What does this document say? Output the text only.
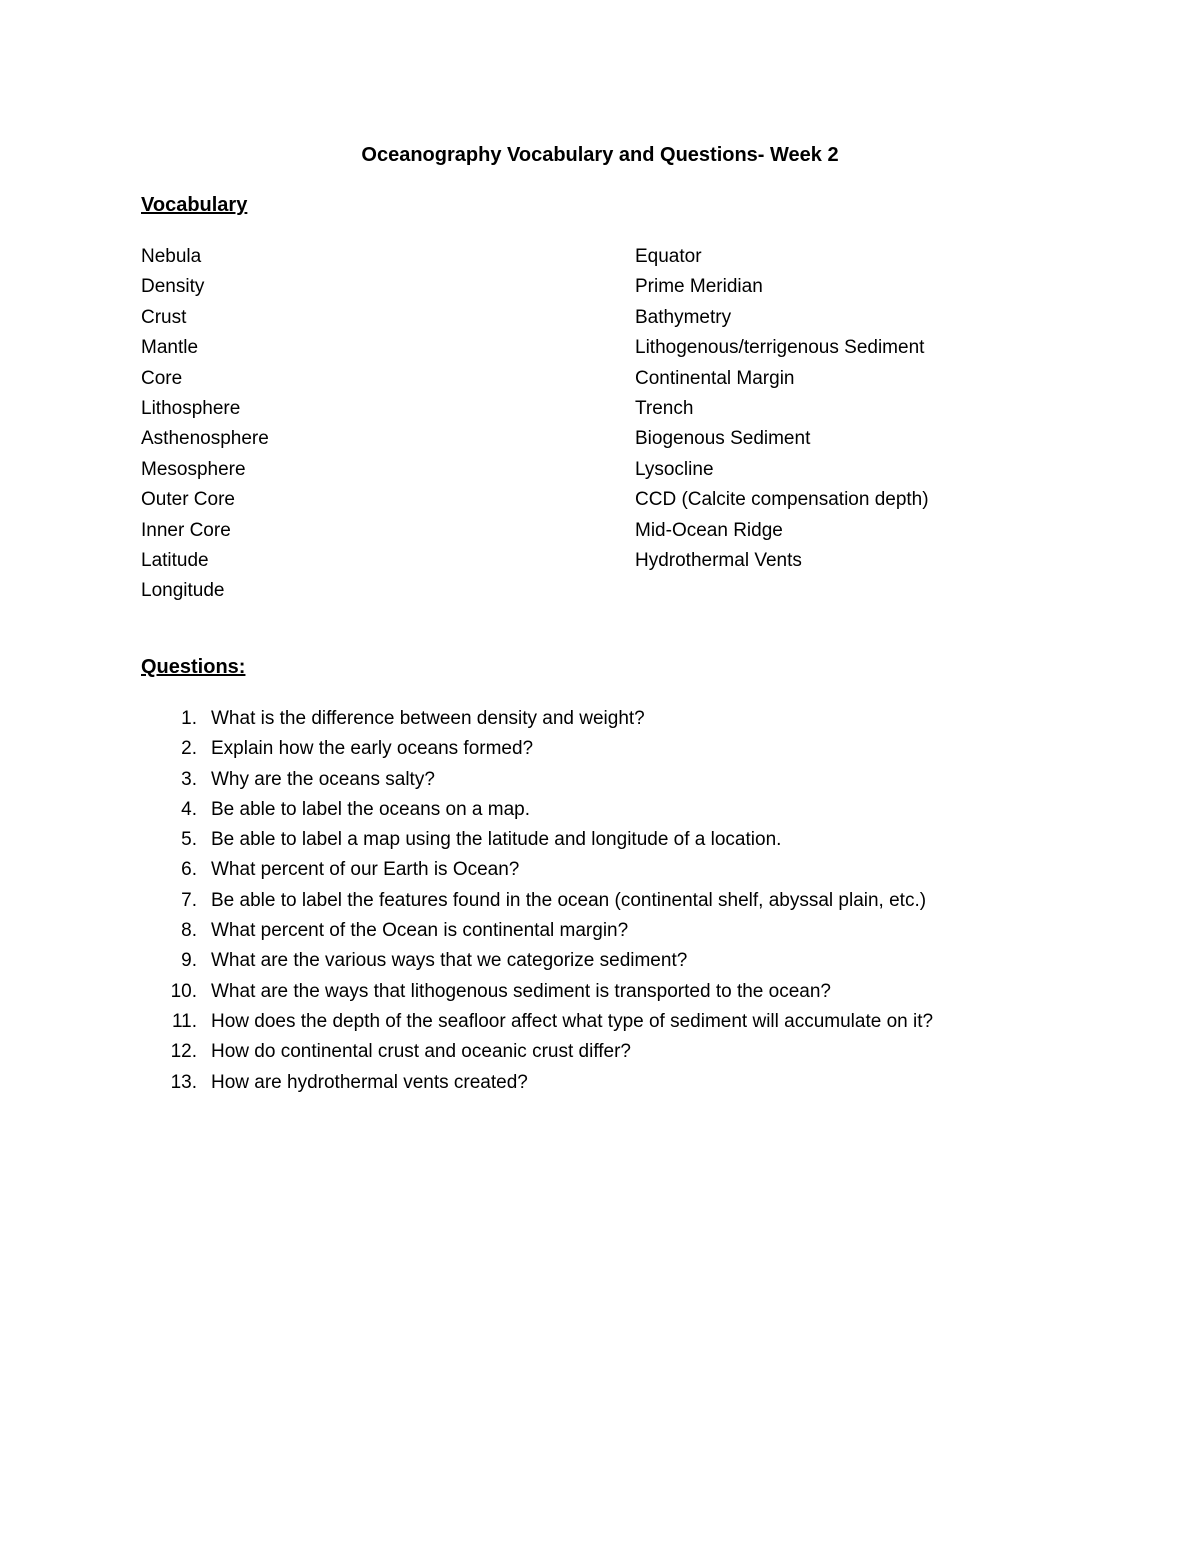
Oceanography Vocabulary and Questions- Week 2
Vocabulary
Nebula
Density
Crust
Mantle
Core
Lithosphere
Asthenosphere
Mesosphere
Outer Core
Inner Core
Latitude
Longitude
Equator
Prime Meridian
Bathymetry
Lithogenous/terrigenous Sediment
Continental Margin
Trench
Biogenous Sediment
Lysocline
CCD (Calcite compensation depth)
Mid-Ocean Ridge
Hydrothermal Vents
Questions:
1. What is the difference between density and weight?
2. Explain how the early oceans formed?
3. Why are the oceans salty?
4. Be able to label the oceans on a map.
5. Be able to label a map using the latitude and longitude of a location.
6. What percent of our Earth is Ocean?
7. Be able to label the features found in the ocean (continental shelf, abyssal plain, etc.)
8. What percent of the Ocean is continental margin?
9. What are the various ways that we categorize sediment?
10. What are the ways that lithogenous sediment is transported to the ocean?
11. How does the depth of the seafloor affect what type of sediment will accumulate on it?
12. How do continental crust and oceanic crust differ?
13. How are hydrothermal vents created?
